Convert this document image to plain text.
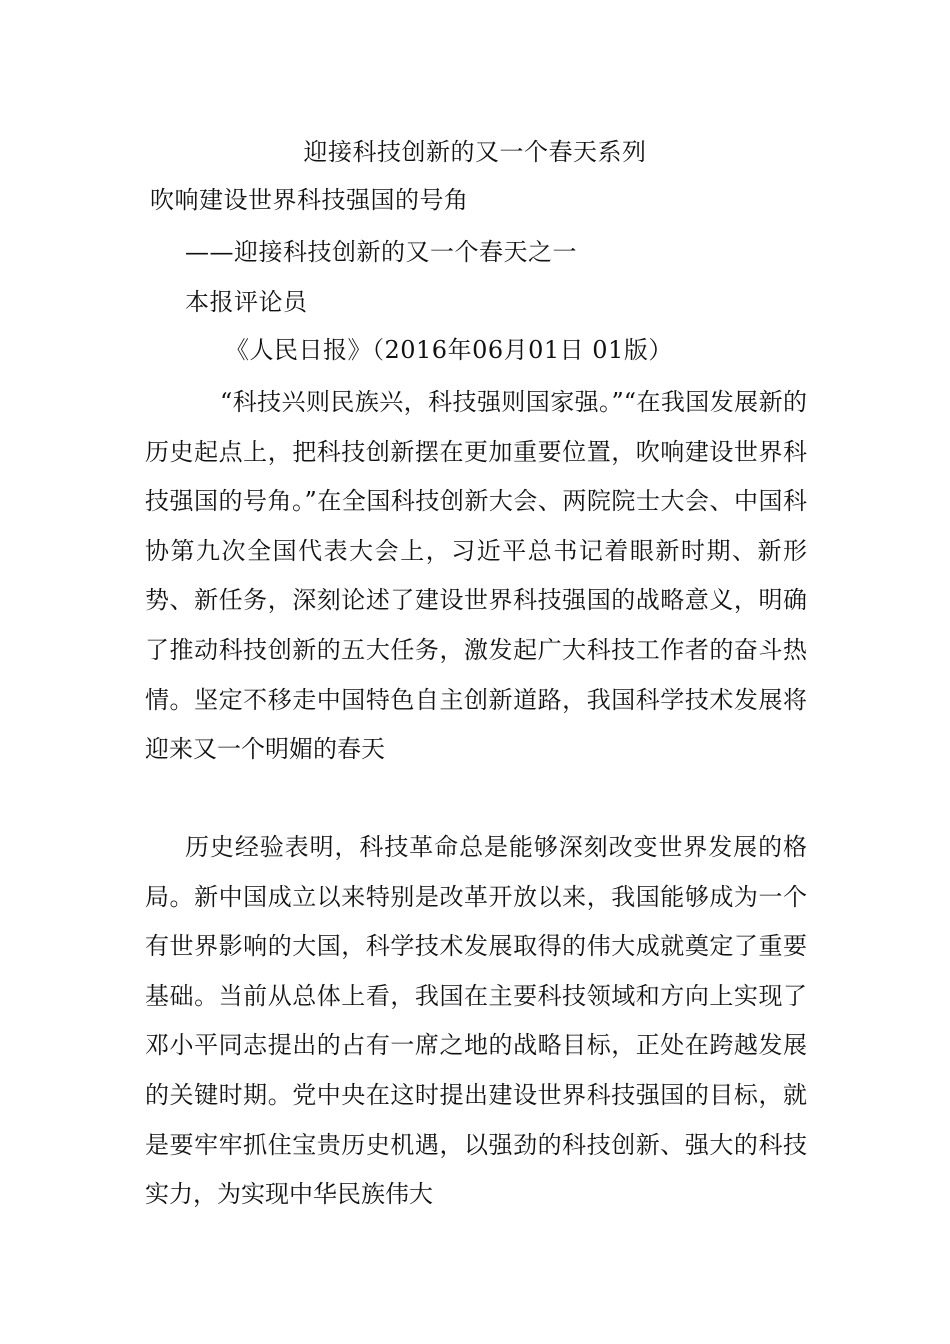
迎接科技创新的又一个春天系列
吹响建设世界科技强国的号角
——迎接科技创新的又一个春天之一
本报评论员
《人民日报》（2016年06月01日 01版）

“科技兴则民族兴，科技强则国家强。”“在我国发展新的历史起点上，把科技创新摆在更加重要位置，吹响建设世界科技强国的号角。”在全国科技创新大会、两院院士大会、中国科协第九次全国代表大会上，习近平总书记着眼新时期、新形势、新任务，深刻论述了建设世界科技强国的战略意义，明确了推动科技创新的五大任务，激发起广大科技工作者的奋斗热情。坚定不移走中国特色自主创新道路，我国科学技术发展将迎来又一个明媚的春天

历史经验表明，科技革命总是能够深刻改变世界发展的格局。新中国成立以来特别是改革开放以来，我国能够成为一个有世界影响的大国，科学技术发展取得的伟大成就奠定了重要基础。当前从总体上看，我国在主要科技领域和方向上实现了邓小平同志提出的占有一席之地的战略目标，正处在跨越发展的关键时期。党中央在这时提出建设世界科技强国的目标，就是要牢牢抓住宝贵历史机遇，以强劲的科技创新、强大的科技实力，为实现中华民族伟大
